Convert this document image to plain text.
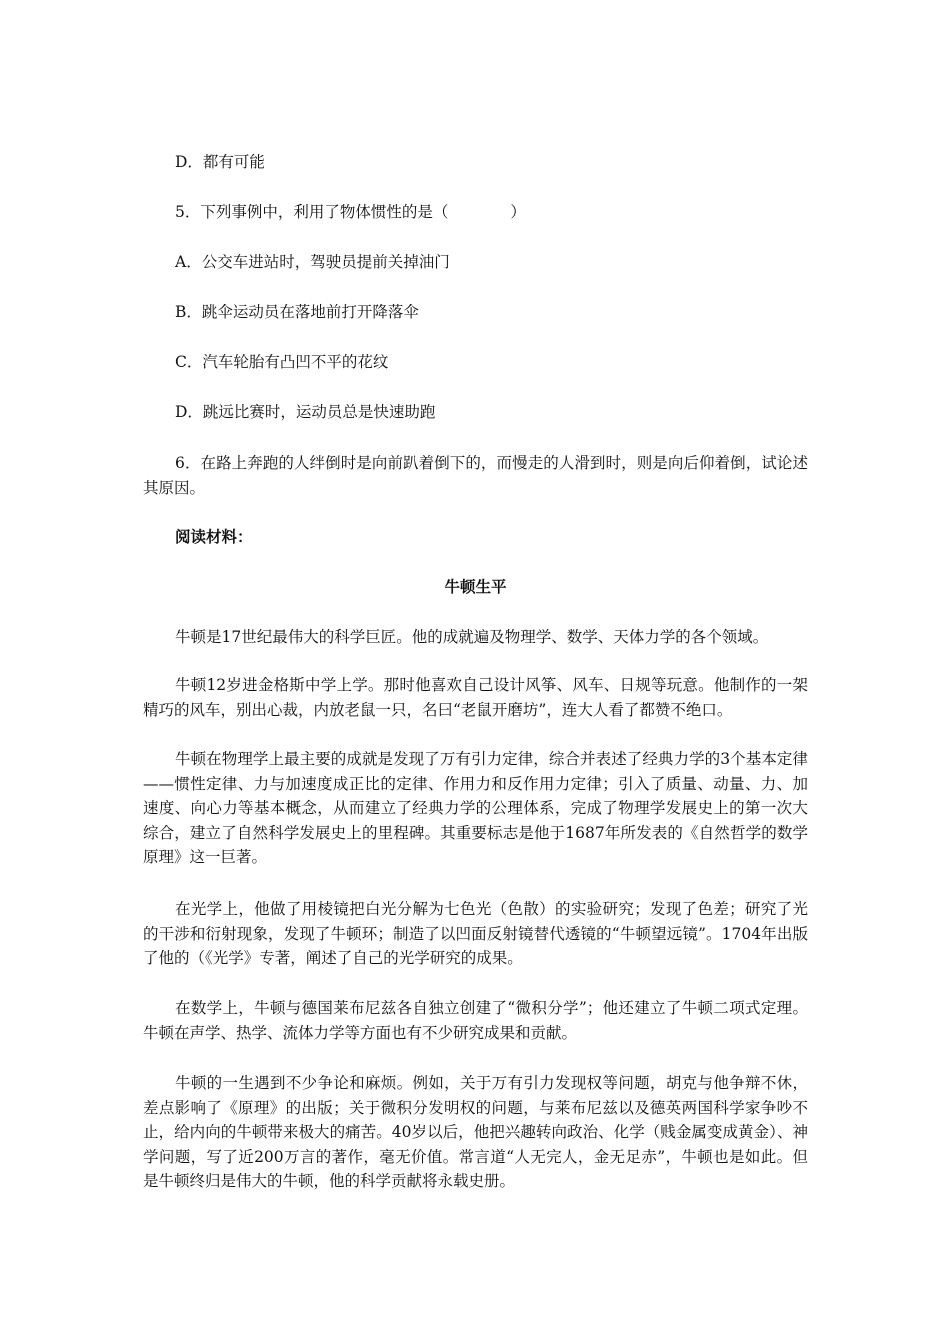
D．都有可能
5．下列事例中，利用了物体惯性的是（　　　　）
A．公交车进站时，驾驶员提前关掉油门
B．跳伞运动员在落地前打开降落伞
C．汽车轮胎有凸凹不平的花纹
D．跳远比赛时，运动员总是快速助跑
6．在路上奔跑的人绊倒时是向前趴着倒下的，而慢走的人滑到时，则是向后仰着倒，试论述其原因。
阅读材料：
牛顿生平
牛顿是17世纪最伟大的科学巨匠。他的成就遍及物理学、数学、天体力学的各个领域。
牛顿12岁进金格斯中学上学。那时他喜欢自己设计风筝、风车、日规等玩意。他制作的一架精巧的风车，别出心裁，内放老鼠一只，名曰“老鼠开磨坊”，连大人看了都赞不绝口。
牛顿在物理学上最主要的成就是发现了万有引力定律，综合并表述了经典力学的3个基本定律——惯性定律、力与加速度成正比的定律、作用力和反作用力定律；引入了质量、动量、力、加速度、向心力等基本概念，从而建立了经典力学的公理体系，完成了物理学发展史上的第一次大综合，建立了自然科学发展史上的里程碑。其重要标志是他于1687年所发表的《自然哲学的数学原理》这一巨著。
在光学上，他做了用棱镜把白光分解为七色光（色散）的实验研究；发现了色差；研究了光的干涉和衍射现象，发现了牛顿环；制造了以凹面反射镜替代透镜的“牛顿望远镜”。1704年出版了他的（《光学》专著，阐述了自己的光学研究的成果。
在数学上，牛顿与德国莱布尼兹各自独立创建了“微积分学”；他还建立了牛顿二项式定理。牛顿在声学、热学、流体力学等方面也有不少研究成果和贡献。
牛顿的一生遇到不少争论和麻烦。例如，关于万有引力发现权等问题，胡克与他争辩不休，差点影响了《原理》的出版；关于微积分发明权的问题，与莱布尼兹以及德英两国科学家争吵不止，给内向的牛顿带来极大的痛苦。40岁以后，他把兴趣转向政治、化学（贱金属变成黄金）、神学问题，写了近200万言的著作，毫无价值。常言道“人无完人，金无足赤”，牛顿也是如此。但是牛顿终归是伟大的牛顿，他的科学贡献将永载史册。
